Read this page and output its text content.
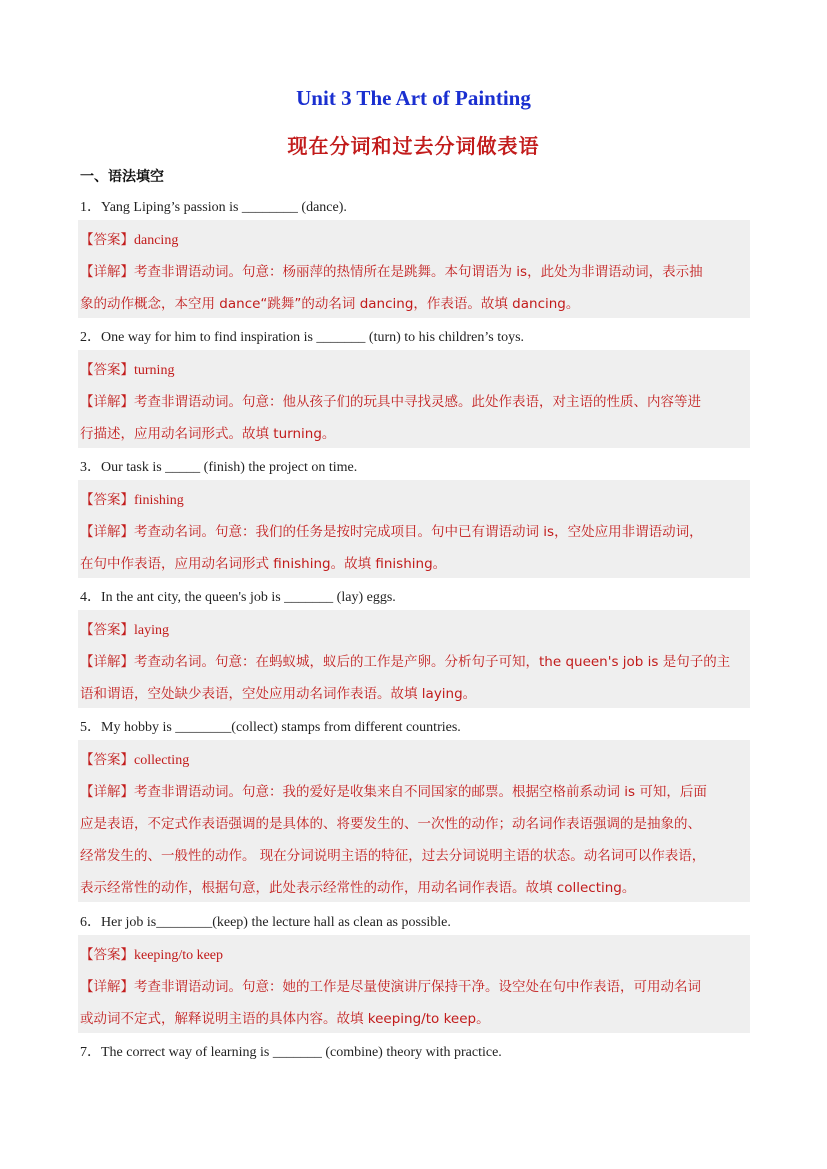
Unit 3 The Art of Painting
现在分词和过去分词做表语
一、语法填空
1．Yang Liping’s passion is ________ (dance).
【答案】dancing
【详解】考查非谓语动词。句意：杨丽萍的热情所在是跳舞。本句谓语为 is，此处为非谓语动词，表示抽
象的动作概念，本空用 dance“跳舞”的动名词 dancing，作表语。故填 dancing。
2．One way for him to find inspiration is _______ (turn) to his children’s toys.
【答案】turning
【详解】考查非谓语动词。句意：他从孩子们的玩具中寻找灵感。此处作表语，对主语的性质、内容等进
行描述，应用动名词形式。故填 turning。
3．Our task is _____ (finish) the project on time.
【答案】finishing
【详解】考查动名词。句意：我们的任务是按时完成项目。句中已有谓语动词 is，空处应用非谓语动词，
在句中作表语，应用动名词形式 finishing。故填 finishing。
4．In the ant city, the queen's job is _______ (lay) eggs.
【答案】laying
【详解】考查动名词。句意：在蚂蚁城，蚁后的工作是产卵。分析句子可知，the queen's job is 是句子的主
语和谓语，空处缺少表语，空处应用动名词作表语。故填 laying。
5．My hobby is ________(collect) stamps from different countries.
【答案】collecting
【详解】考查非谓语动词。句意：我的爱好是收集来自不同国家的邮票。根据空格前系动词 is 可知，后面
应是表语，不定式作表语强调的是具体的、将要发生的、一次性的动作；动名词作表语强调的是抽象的、
经常发生的、一般性的动作。 现在分词说明主语的特征，过去分词说明主语的状态。动名词可以作表语，
表示经常性的动作，根据句意，此处表示经常性的动作，用动名词作表语。故填 collecting。
6．Her job is________(keep) the lecture hall as clean as possible.
【答案】keeping/to keep
【详解】考查非谓语动词。句意：她的工作是尽量使演讲厅保持干净。设空处在句中作表语，可用动名词
或动词不定式，解释说明主语的具体内容。故填 keeping/to keep。
7．The correct way of learning is _______ (combine) theory with practice.
